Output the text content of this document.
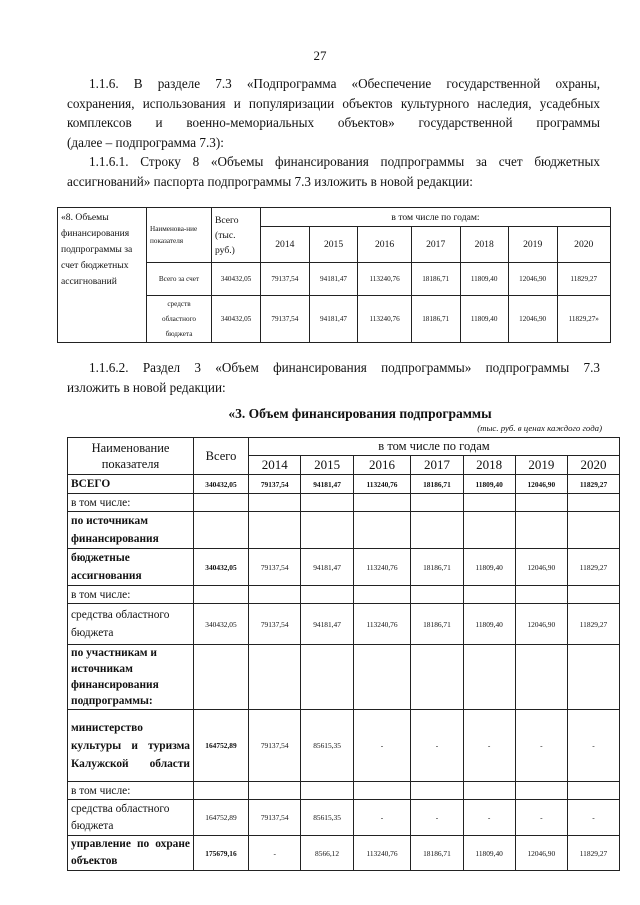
27
1.1.6. В разделе 7.3 «Подпрограмма «Обеспечение государственной охраны,
сохранения, использования и популяризации объектов культурного наследия, усадебных
комплексов и военно-мемориальных объектов» государственной программы
(далее – подпрограмма 7.3):
1.1.6.1. Строку 8 «Объемы финансирования подпрограммы за счет бюджетных
ассигнований» паспорта подпрограммы 7.3 изложить в новой редакции:
«8. Объемы финансирования подпрограммы за счет бюджетных ассигнований	Наименова-ние показателя	Всего (тыс. руб.)	в том числе по годам:						
			2014	2015	2016	2017	2018	2019	2020
	Всего за счет	340432,05	79137,54	94181,47	113240,76	18186,71	11809,40	12046,90	11829,27
	средств областного бюджета	340432,05	79137,54	94181,47	113240,76	18186,71	11809,40	12046,90	11829,27»
1.1.6.2. Раздел 3 «Объем финансирования подпрограммы» подпрограммы 7.3
изложить в новой редакции:
«3. Объем финансирования подпрограммы
(тыс. руб. в ценах каждого года)
Наименование показателя	Всего	в том числе по годам						
		2014	2015	2016	2017	2018	2019	2020
ВСЕГО	340432,05	79137,54	94181,47	113240,76	18186,71	11809,40	12046,90	11829,27
в том числе:								
по источникам финансирования								
бюджетные ассигнования	340432,05	79137,54	94181,47	113240,76	18186,71	11809,40	12046,90	11829,27
в том числе:								
средства областного бюджета	340432,05	79137,54	94181,47	113240,76	18186,71	11809,40	12046,90	11829,27
по участникам и источникам финансирования подпрограммы:								
министерство культуры и туризма Калужской области	164752,89	79137,54	85615,35	-	-	-	-	-
в том числе:								
средства областного бюджета	164752,89	79137,54	85615,35	-	-	-	-	-
управление по охране объектов	175679,16	-	8566,12	113240,76	18186,71	11809,40	12046,90	11829,27
